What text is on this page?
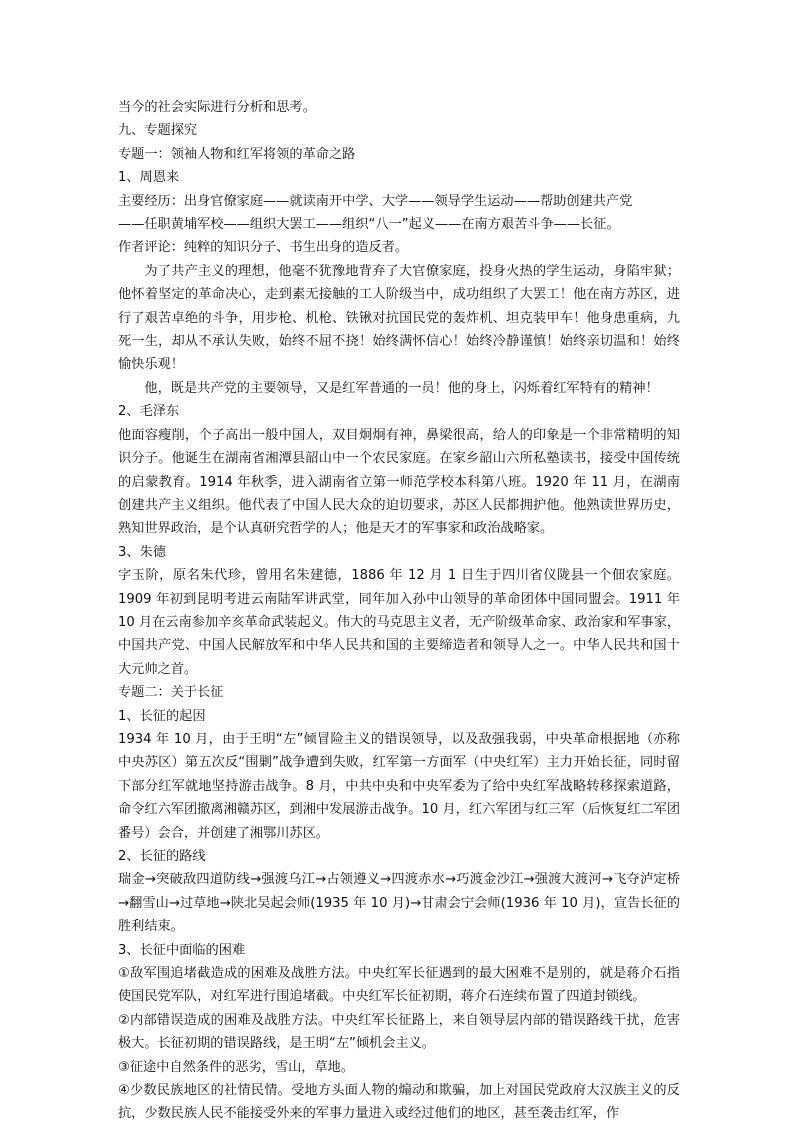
当今的社会实际进行分析和思考。

九、专题探究

专题一：领袖人物和红军将领的革命之路

1、周恩来

主要经历：出身官僚家庭——就读南开中学、大学——领导学生运动——帮助创建共产党

——任职黄埔军校——组织大罢工——组织“八一”起义——在南方艰苦斗争——长征。

作者评论：纯粹的知识分子、书生出身的造反者。

为了共产主义的理想，他毫不犹豫地背弃了大官僚家庭，投身火热的学生运动，身陷牢狱；他怀着坚定的革命决心，走到素无接触的工人阶级当中，成功组织了大罢工！他在南方苏区，进行了艰苦卓绝的斗争，用步枪、机枪、铁锹对抗国民党的轰炸机、坦克装甲车！他身患重病，九死一生，却从不承认失败，始终不屈不挠！始终满怀信心！始终冷静谨慎！始终亲切温和！始终愉快乐观！

他，既是共产党的主要领导，又是红军普通的一员！他的身上，闪烁着红军特有的精神！

2、毛泽东

他面容瘦削，个子高出一般中国人，双目炯炯有神，鼻梁很高，给人的印象是一个非常精明的知识分子。他诞生在湖南省湘潭县韶山中一个农民家庭。在家乡韶山六所私塾读书，接受中国传统的启蒙教育。1914 年秋季，进入湖南省立第一师范学校本科第八班。1920 年 11 月，在湖南创建共产主义组织。他代表了中国人民大众的迫切要求，苏区人民都拥护他。他熟读世界历史，熟知世界政治，是个认真研究哲学的人；他是天才的军事家和政治战略家。

3、朱德

字玉阶，原名朱代珍，曾用名朱建德，1886 年 12 月 1 日生于四川省仪陇县一个佃农家庭。1909 年初到昆明考进云南陆军讲武堂，同年加入孙中山领导的革命团体中国同盟会。1911 年 10 月在云南参加辛亥革命武装起义。伟大的马克思主义者，无产阶级革命家、政治家和军事家，中国共产党、中国人民解放军和中华人民共和国的主要缔造者和领导人之一。中华人民共和国十大元帅之首。

专题二：关于长征

1、长征的起因

1934 年 10 月，由于王明“左”倾冒险主义的错误领导，以及敌强我弱，中央革命根据地（亦称中央苏区）第五次反“围剿”战争遭到失败，红军第一方面军（中央红军）主力开始长征，同时留下部分红军就地坚持游击战争。8 月，中共中央和中央军委为了给中央红军战略转移探索道路，命令红六军团撤离湘赣苏区，到湘中发展游击战争。10 月，红六军团与红三军（后恢复红二军团番号）会合，并创建了湘鄂川苏区。

2、长征的路线

瑞金→突破敌四道防线→强渡乌江→占领遵义→四渡赤水→巧渡金沙江→强渡大渡河→飞夺泸定桥→翻雪山→过草地→陕北吴起会师(1935 年 10 月)→甘肃会宁会师(1936 年 10 月)，宣告长征的胜利结束。

3、长征中面临的困难

①敌军围追堵截造成的困难及战胜方法。中央红军长征遇到的最大困难不是别的，就是蒋介石指使国民党军队，对红军进行围追堵截。中央红军长征初期，蒋介石连续布置了四道封锁线。

②内部错误造成的困难及战胜方法。中央红军长征路上，来自领导层内部的错误路线干扰，危害极大。长征初期的错误路线，是王明“左”倾机会主义。

③征途中自然条件的恶劣，雪山，草地。

④少数民族地区的社情民情。受地方头面人物的煽动和欺骗，加上对国民党政府大汉族主义的反抗，少数民族人民不能接受外来的军事力量进入或经过他们的地区，甚至袭击红军，作
